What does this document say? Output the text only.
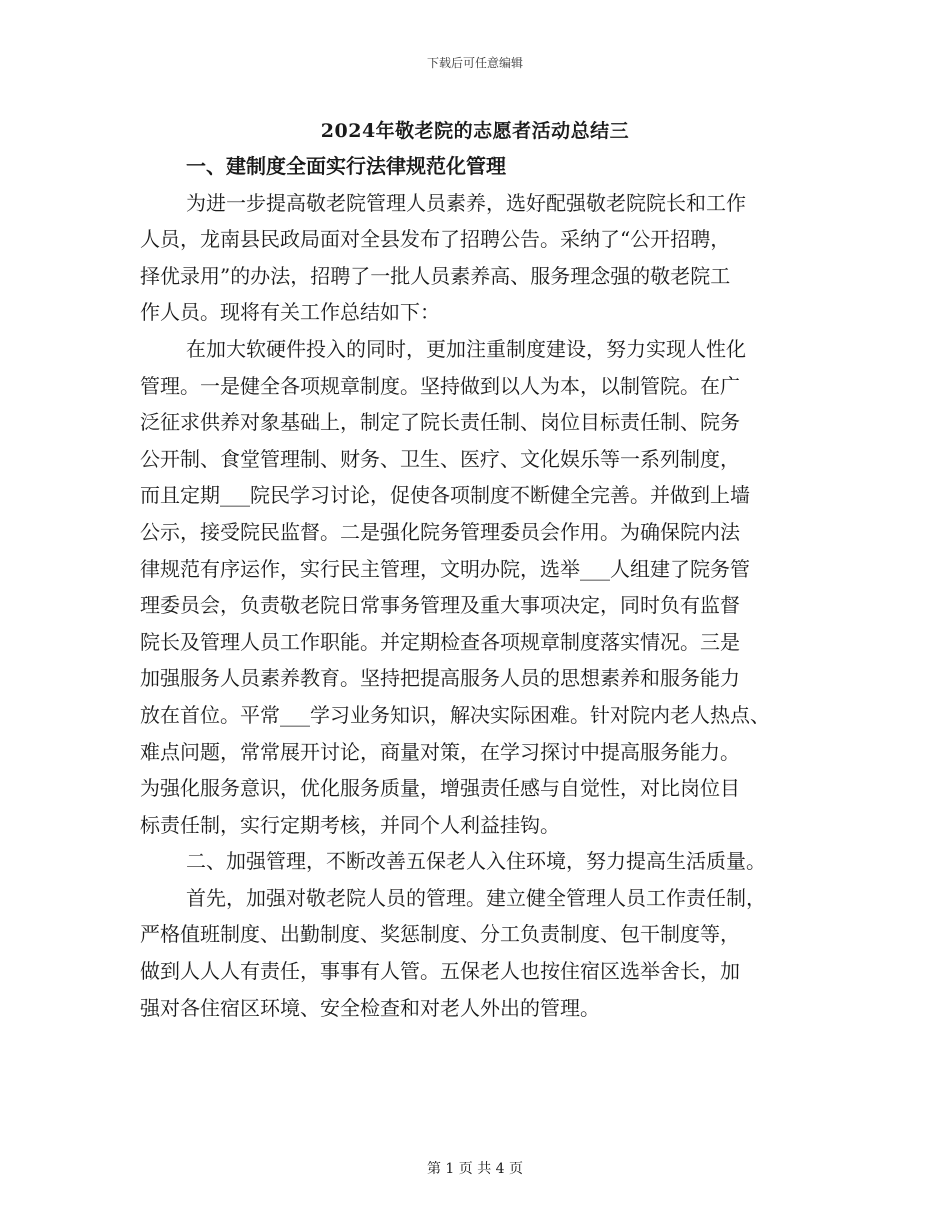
下载后可任意编辑
2024年敬老院的志愿者活动总结三
一、建制度全面实行法律规范化管理
为进一步提高敬老院管理人员素养，选好配强敬老院院长和工作
人员，龙南县民政局面对全县发布了招聘公告。采纳了“公开招聘，
择优录用”的办法，招聘了一批人员素养高、服务理念强的敬老院工
作人员。现将有关工作总结如下：
在加大软硬件投入的同时，更加注重制度建设，努力实现人性化
管理。一是健全各项规章制度。坚持做到以人为本，以制管院。在广
泛征求供养对象基础上，制定了院长责任制、岗位目标责任制、院务
公开制、食堂管理制、财务、卫生、医疗、文化娱乐等一系列制度，
而且定期___院民学习讨论，促使各项制度不断健全完善。并做到上墙
公示，接受院民监督。二是强化院务管理委员会作用。为确保院内法
律规范有序运作，实行民主管理，文明办院，选举___人组建了院务管
理委员会，负责敬老院日常事务管理及重大事项决定，同时负有监督
院长及管理人员工作职能。并定期检查各项规章制度落实情况。三是
加强服务人员素养教育。坚持把提高服务人员的思想素养和服务能力
放在首位。平常___学习业务知识，解决实际困难。针对院内老人热点、
难点问题，常常展开讨论，商量对策，在学习探讨中提高服务能力。
为强化服务意识，优化服务质量，增强责任感与自觉性，对比岗位目
标责任制，实行定期考核，并同个人利益挂钩。
二、加强管理，不断改善五保老人入住环境，努力提高生活质量。
首先，加强对敬老院人员的管理。建立健全管理人员工作责任制，
严格值班制度、出勤制度、奖惩制度、分工负责制度、包干制度等，
做到人人人有责任，事事有人管。五保老人也按住宿区选举舍长，加
强对各住宿区环境、安全检查和对老人外出的管理。
第 1 页 共 4 页
